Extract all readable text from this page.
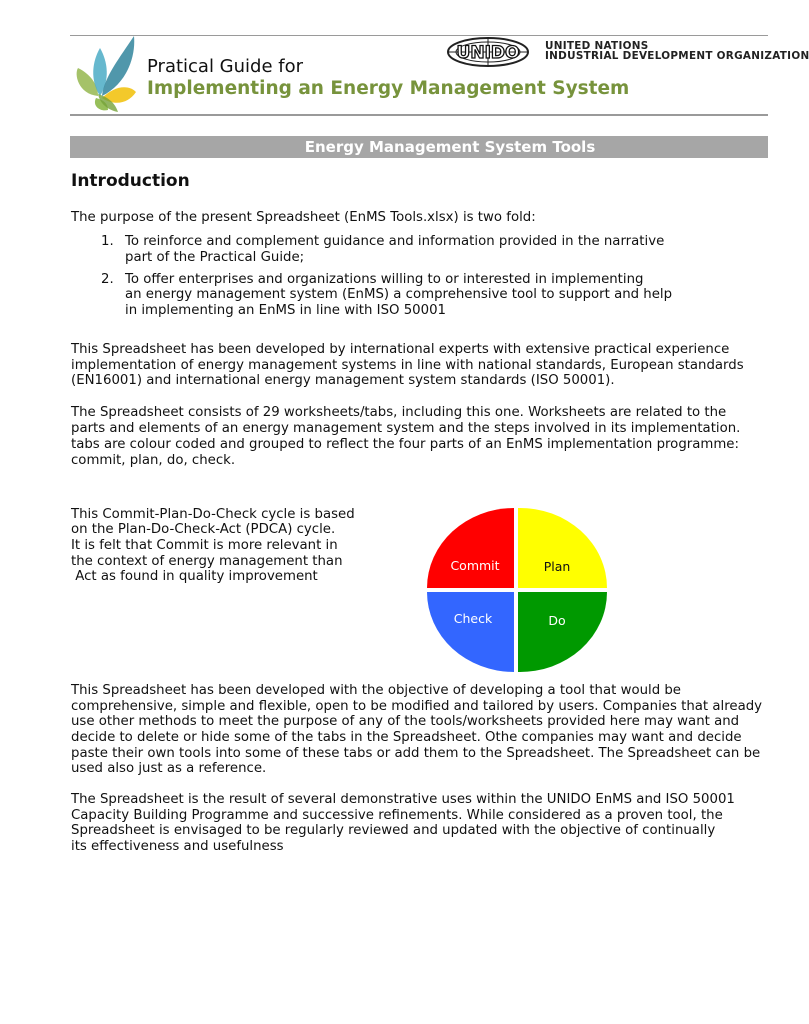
Pratical Guide for
Implementing an Energy Management System
UNIDO UNITED NATIONS
INDUSTRIAL DEVELOPMENT ORGANIZATION
Energy Management System Tools
Introduction
The purpose of the present Spreadsheet (EnMS Tools.xlsx) is two fold:
1. To reinforce and complement guidance and information provided in the narrative
part of the Practical Guide;
2. To offer enterprises and organizations willing to or interested in implementing
an energy management system (EnMS) a comprehensive tool to support and help
in implementing an EnMS in line with ISO 50001
This Spreadsheet has been developed by international experts with extensive practical experience
implementation of energy management systems in line with national standards, European standards
(EN16001) and international energy management system standards (ISO 50001).
The Spreadsheet consists of 29 worksheets/tabs, including this one. Worksheets are related to the
parts and elements of an energy management system and the steps involved in its implementation.
tabs are colour coded and grouped to reflect the four parts of an EnMS implementation programme:
commit, plan, do, check.
This Commit-Plan-Do-Check cycle is based
on the Plan-Do-Check-Act (PDCA) cycle.
It is felt that Commit is more relevant in
the context of energy management than
Act as found in quality improvement
Commit	Plan
Do
Check
This Spreadsheet has been developed with the objective of developing a tool that would be
comprehensive, simple and flexible, open to be modified and tailored by users. Companies that already
use other methods to meet the purpose of any of the tools/worksheets provided here may want and
decide to delete or hide some of the tabs in the Spreadsheet. Othe companies may want and decide
paste their own tools into some of these tabs or add them to the Spreadsheet. The Spreadsheet can be
used also just as a reference.
The Spreadsheet is the result of several demonstrative uses within the UNIDO EnMS and ISO 50001
Capacity Building Programme and successive refinements. While considered as a proven tool, the
Spreadsheet is envisaged to be regularly reviewed and updated with the objective of continually
its effectiveness and usefulness
